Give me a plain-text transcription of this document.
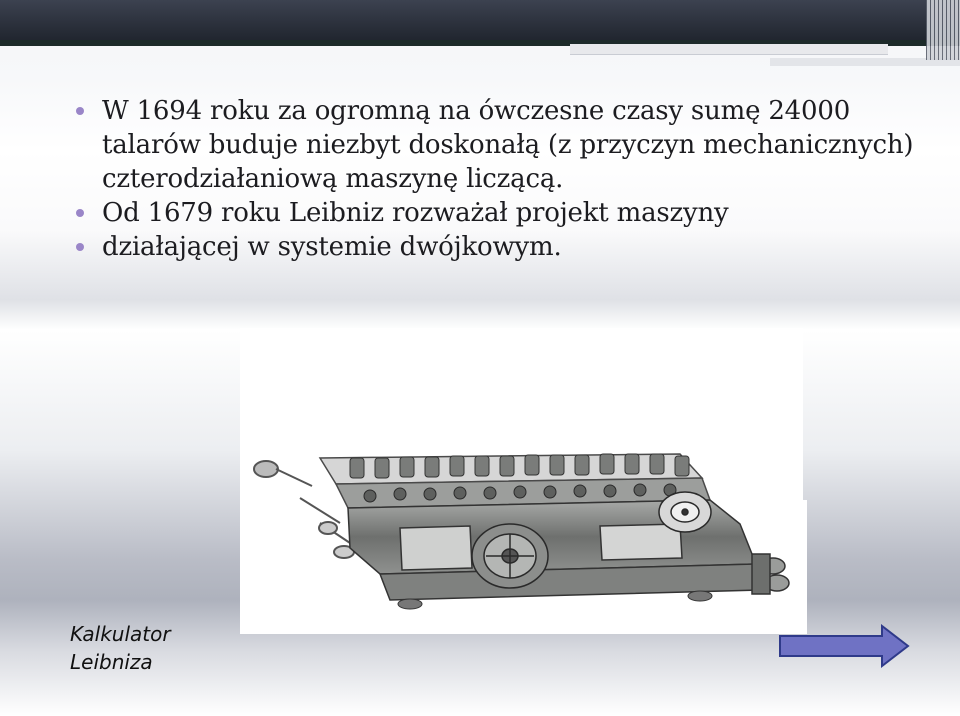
W 1694 roku za ogromną na ówczesne czasy sumę 24000 talarów buduje niezbyt doskonałą (z przyczyn mechanicznych) czterodziałaniową maszynę liczącą.
Od 1679 roku Leibniz rozważał projekt maszyny
działającej w systemie dwójkowym.
Kalkulator
Leibniza
